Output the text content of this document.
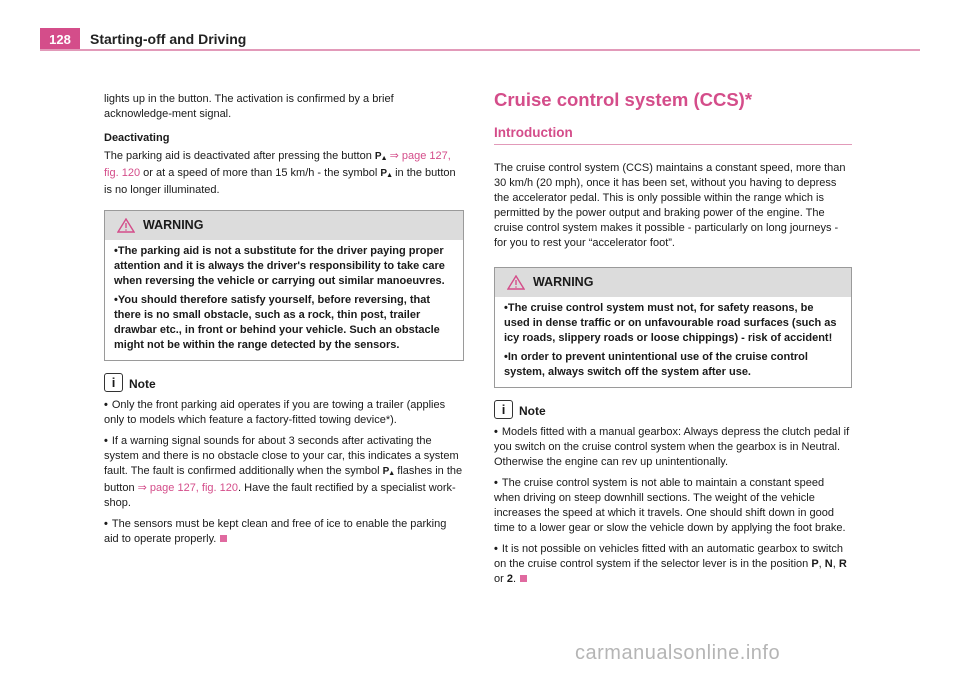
128	Starting-off and Driving

lights up in the button. The activation is confirmed by a brief acknowledge-ment signal.

Deactivating

The parking aid is deactivated after pressing the button P▲ ⇒ page 127, fig. 120 or at a speed of more than 15 km/h - the symbol P▲ in the button is no longer illuminated.

WARNING

•The parking aid is not a substitute for the driver paying proper attention and it is always the driver's responsibility to take care when reversing the vehicle or carrying out similar manoeuvres.

•You should therefore satisfy yourself, before reversing, that there is no small obstacle, such as a rock, thin post, trailer drawbar etc., in front or behind your vehicle. Such an obstacle might not be within the range detected by the sensors.

i	Note

• Only the front parking aid operates if you are towing a trailer (applies only to models which feature a factory-fitted towing device*).

• If a warning signal sounds for about 3 seconds after activating the system and there is no obstacle close to your car, this indicates a system fault. The fault is confirmed additionally when the symbol P▲ flashes in the button ⇒ page 127, fig. 120. Have the fault rectified by a specialist work-shop.

• The sensors must be kept clean and free of ice to enable the parking aid to operate properly.

Cruise control system (CCS)*
Introduction

The cruise control system (CCS) maintains a constant speed, more than 30 km/h (20 mph), once it has been set, without you having to depress the accelerator pedal. This is only possible within the range which is permitted by the power output and braking power of the engine. The cruise control system makes it possible - particularly on long journeys - for you to rest your “accelerator foot”.

WARNING

•The cruise control system must not, for safety reasons, be used in dense traffic or on unfavourable road surfaces (such as icy roads, slippery roads or loose chippings) - risk of accident!

•In order to prevent unintentional use of the cruise control system, always switch off the system after use.

i	Note

• Models fitted with a manual gearbox: Always depress the clutch pedal if you switch on the cruise control system when the gearbox is in Neutral. Otherwise the engine can rev up unintentionally.

• The cruise control system is not able to maintain a constant speed when driving on steep downhill sections. The weight of the vehicle increases the speed at which it travels. One should shift down in good time to a lower gear or slow the vehicle down by applying the foot brake.

• It is not possible on vehicles fitted with an automatic gearbox to switch on the cruise control system if the selector lever is in the position P, N, R or 2.

carmanualsonline.info
